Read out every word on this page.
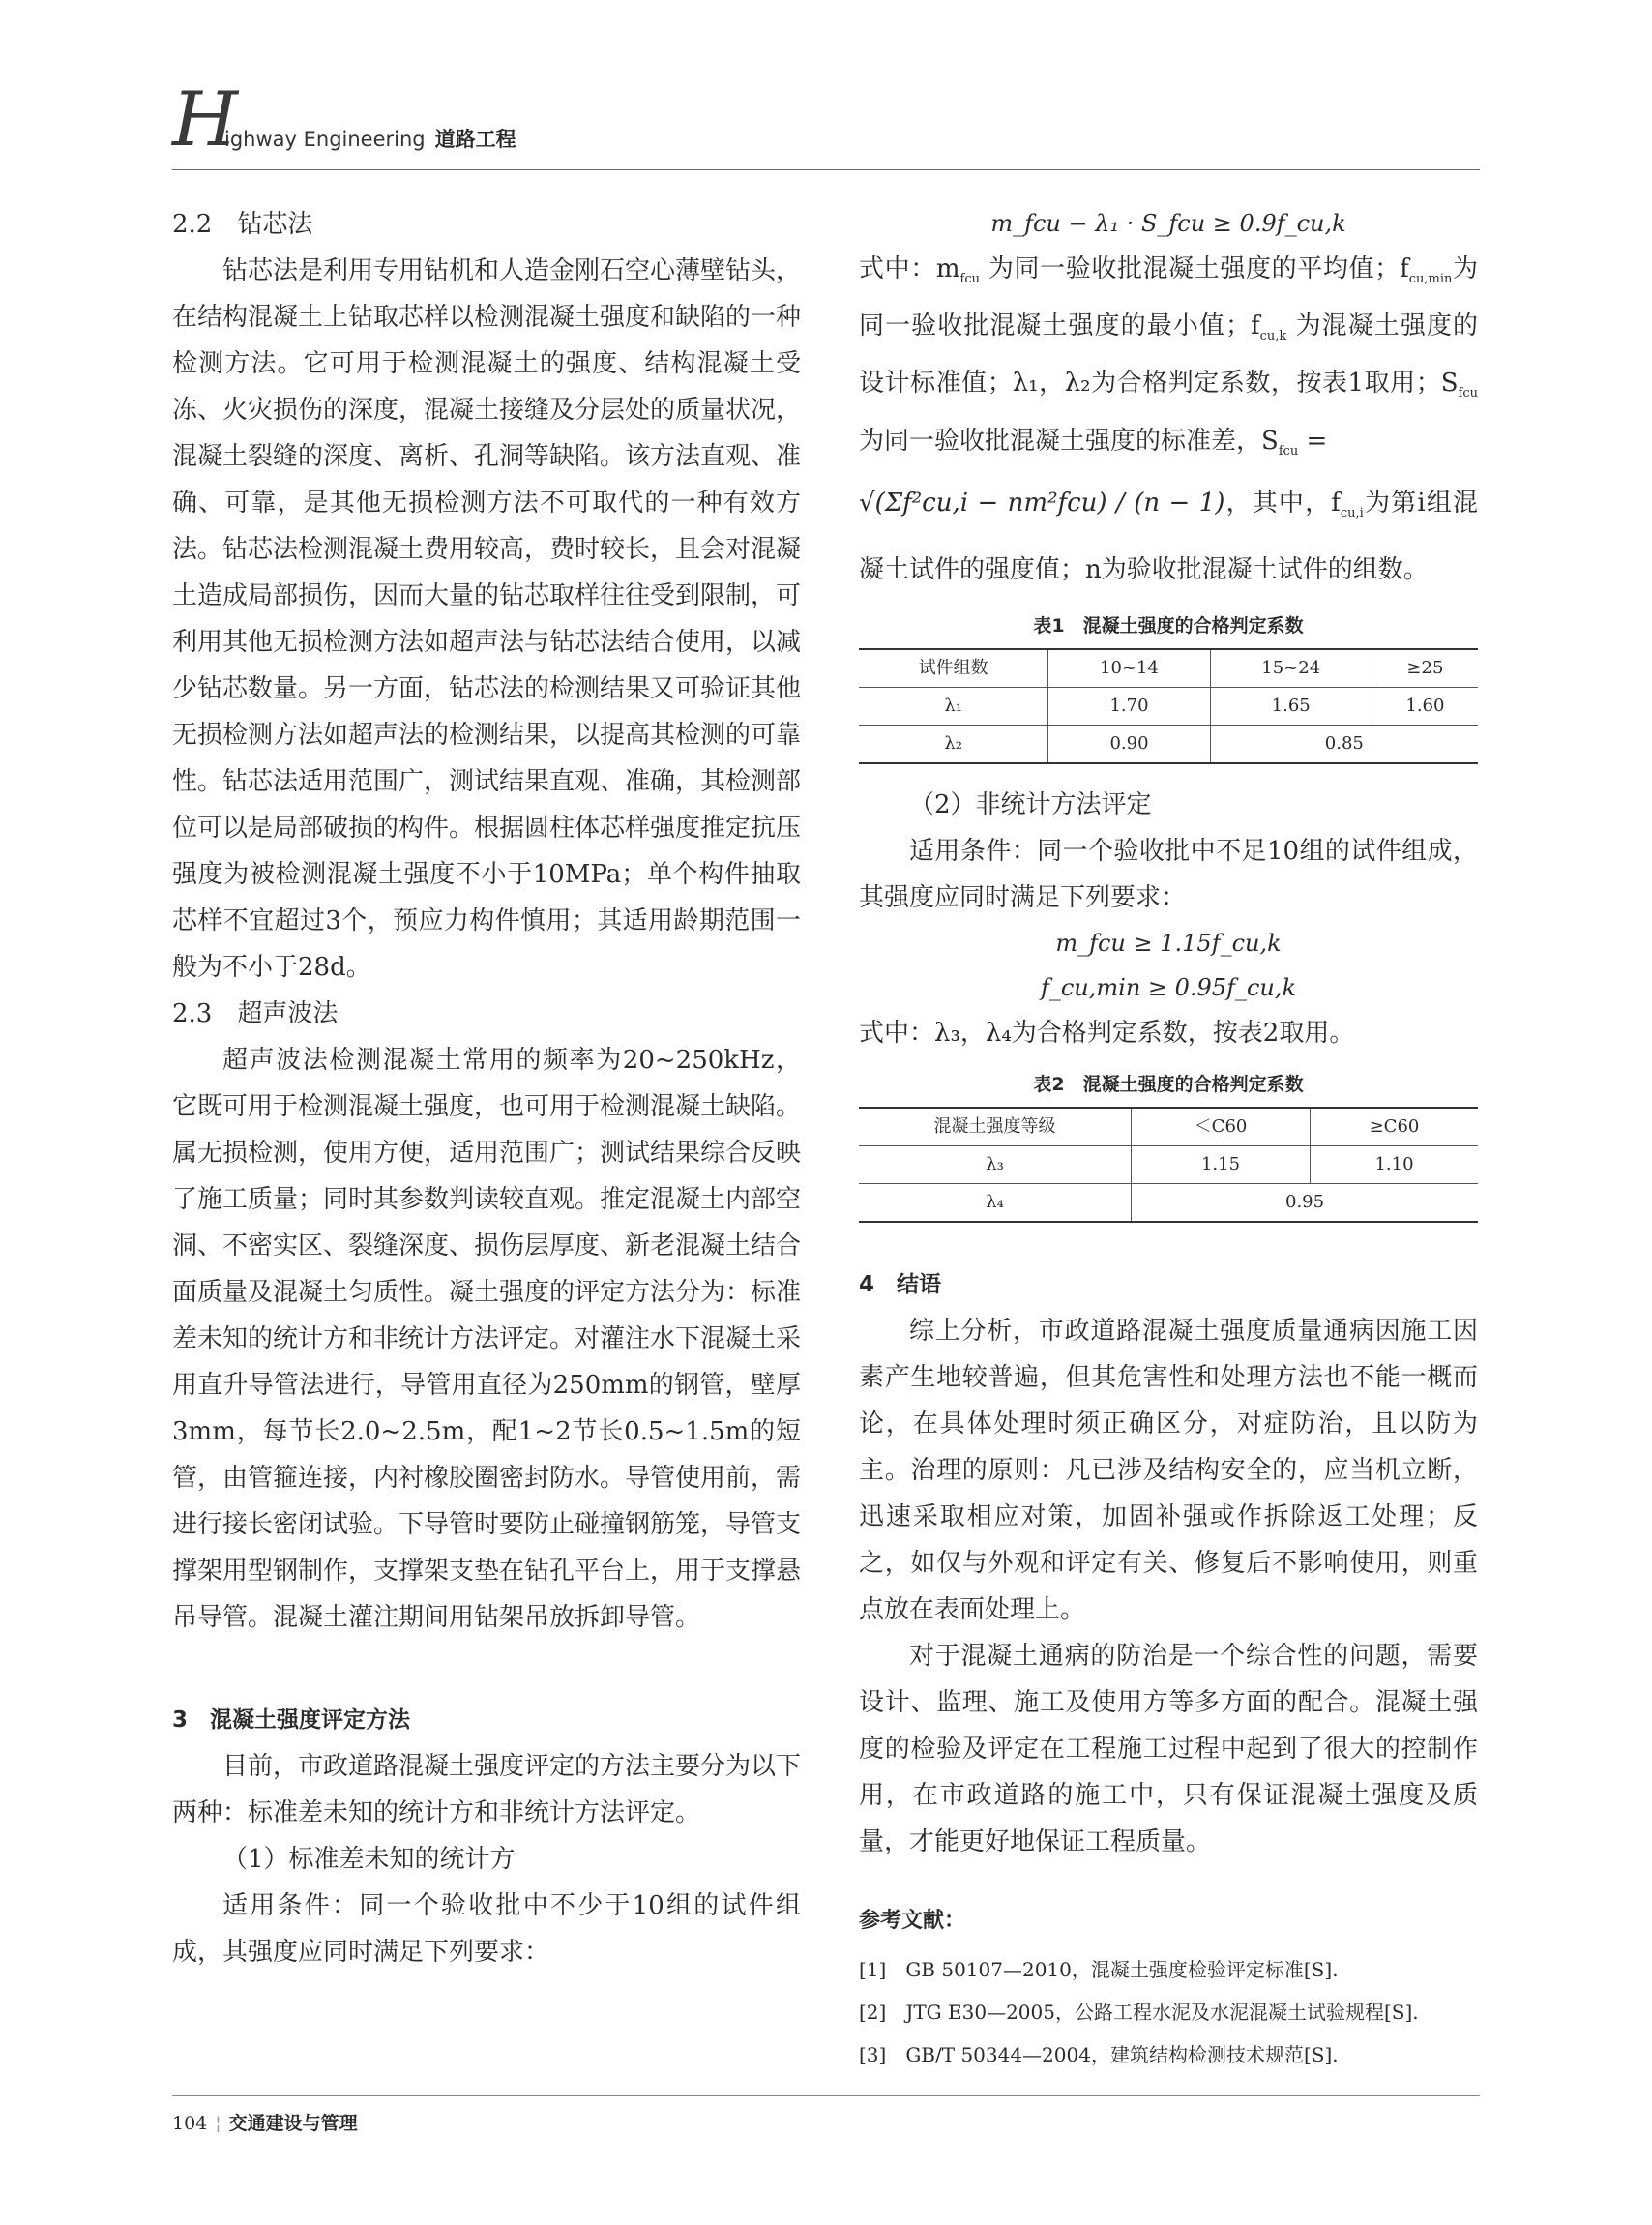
H
ighway Engineering 道路工程

2.2　钻芯法

钻芯法是利用专用钻机和人造金刚石空心薄壁钻头，在结构混凝土上钻取芯样以检测混凝土强度和缺陷的一种检测方法。它可用于检测混凝土的强度、结构混凝土受冻、火灾损伤的深度，混凝土接缝及分层处的质量状况，混凝土裂缝的深度、离析、孔洞等缺陷。该方法直观、准确、可靠，是其他无损检测方法不可取代的一种有效方法。钻芯法检测混凝土费用较高，费时较长，且会对混凝土造成局部损伤，因而大量的钻芯取样往往受到限制，可利用其他无损检测方法如超声法与钻芯法结合使用，以减少钻芯数量。另一方面，钻芯法的检测结果又可验证其他无损检测方法如超声法的检测结果，以提高其检测的可靠性。钻芯法适用范围广，测试结果直观、准确，其检测部位可以是局部破损的构件。根据圆柱体芯样强度推定抗压强度为被检测混凝土强度不小于10MPa；单个构件抽取芯样不宜超过3个，预应力构件慎用；其适用龄期范围一般为不小于28d。

2.3　超声波法

超声波法检测混凝土常用的频率为20~250kHz，它既可用于检测混凝土强度，也可用于检测混凝土缺陷。属无损检测，使用方便，适用范围广；测试结果综合反映了施工质量；同时其参数判读较直观。推定混凝土内部空洞、不密实区、裂缝深度、损伤层厚度、新老混凝土结合面质量及混凝土匀质性。凝土强度的评定方法分为：标准差未知的统计方和非统计方法评定。对灌注水下混凝土采用直升导管法进行，导管用直径为250mm的钢管，壁厚3mm，每节长2.0~2.5m，配1~2节长0.5~1.5m的短管，由管箍连接，内衬橡胶圈密封防水。导管使用前，需进行接长密闭试验。下导管时要防止碰撞钢筋笼，导管支撑架用型钢制作，支撑架支垫在钻孔平台上，用于支撑悬吊导管。混凝土灌注期间用钻架吊放拆卸导管。

3　混凝土强度评定方法

目前，市政道路混凝土强度评定的方法主要分为以下两种：标准差未知的统计方和非统计方法评定。

（1）标准差未知的统计方

适用条件：同一个验收批中不少于10组的试件组成，其强度应同时满足下列要求：

m_fcu − λ₁ · S_fcu ≥ 0.9f_cu,k

式中：$m_{fcu}$ 为同一验收批混凝土强度的平均值；$f_{cu,min}$为同一验收批混凝土强度的最小值；$f_{cu,k}$ 为混凝土强度的设计标准值；λ₁，λ₂为合格判定系数，按表1取用；$S_{fcu}$ 为同一验收批混凝土强度的标准差，$S_{fcu}$ =

√(Σf²cu,i − nm²fcu) / (n − 1)，其中，$f_{cu,i}$为第i组混凝土试件的强度值；n为验收批混凝土试件的组数。

表1　混凝土强度的合格判定系数

试件组数	10~14	15~24	≥25
λ₁	1.70	1.65	1.60
λ₂	0.90	0.85	

（2）非统计方法评定

适用条件：同一个验收批中不足10组的试件组成，其强度应同时满足下列要求：

m_fcu ≥ 1.15f_cu,k

f_cu,min ≥ 0.95f_cu,k

式中：λ₃，λ₄为合格判定系数，按表2取用。

表2　混凝土强度的合格判定系数

混凝土强度等级	＜C60	≥C60
λ₃	1.15	1.10
λ₄	0.95	

4　结语

综上分析，市政道路混凝土强度质量通病因施工因素产生地较普遍，但其危害性和处理方法也不能一概而论，在具体处理时须正确区分，对症防治，且以防为主。治理的原则：凡已涉及结构安全的，应当机立断，迅速采取相应对策，加固补强或作拆除返工处理；反之，如仅与外观和评定有关、修复后不影响使用，则重点放在表面处理上。

对于混凝土通病的防治是一个综合性的问题，需要设计、监理、施工及使用方等多方面的配合。混凝土强度的检验及评定在工程施工过程中起到了很大的控制作用，在市政道路的施工中，只有保证混凝土强度及质量，才能更好地保证工程质量。

参考文献：

[1]　GB 50107—2010，混凝土强度检验评定标准[S].

[2]　JTG E30—2005，公路工程水泥及水泥混凝土试验规程[S].

[3]　GB/T 50344—2004，建筑结构检测技术规范[S].

104 ¦ 交通建设与管理
